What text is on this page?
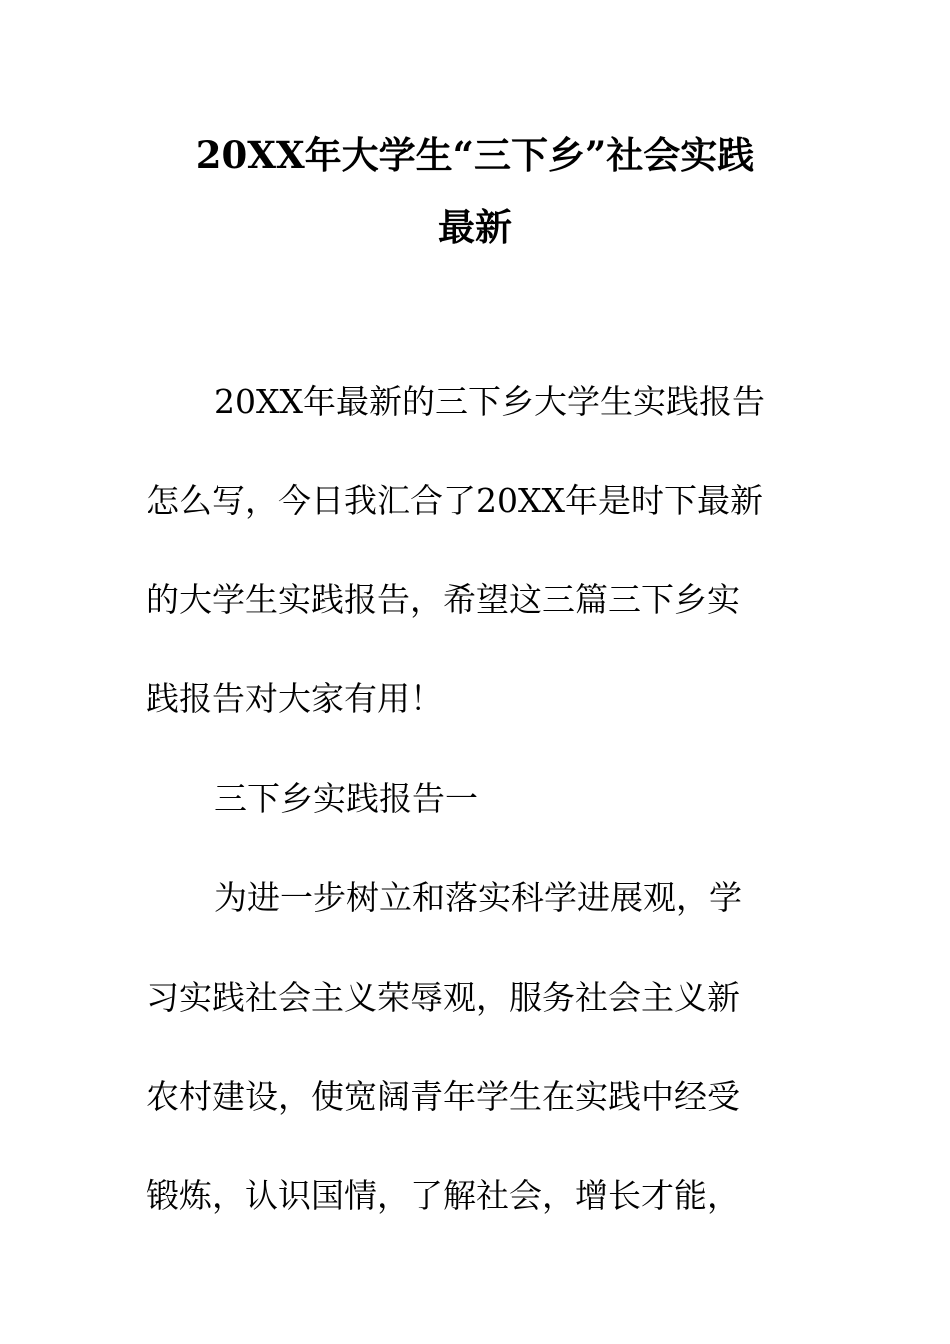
20XX年大学生“三下乡”社会实践
最新
20XX年最新的三下乡大学生实践报告
怎么写，今日我汇合了20XX年是时下最新
的大学生实践报告，希望这三篇三下乡实
践报告对大家有用！
三下乡实践报告一
为进一步树立和落实科学进展观，学
习实践社会主义荣辱观，服务社会主义新
农村建设，使宽阔青年学生在实践中经受
锻炼，认识国情，了解社会，增长才能，
